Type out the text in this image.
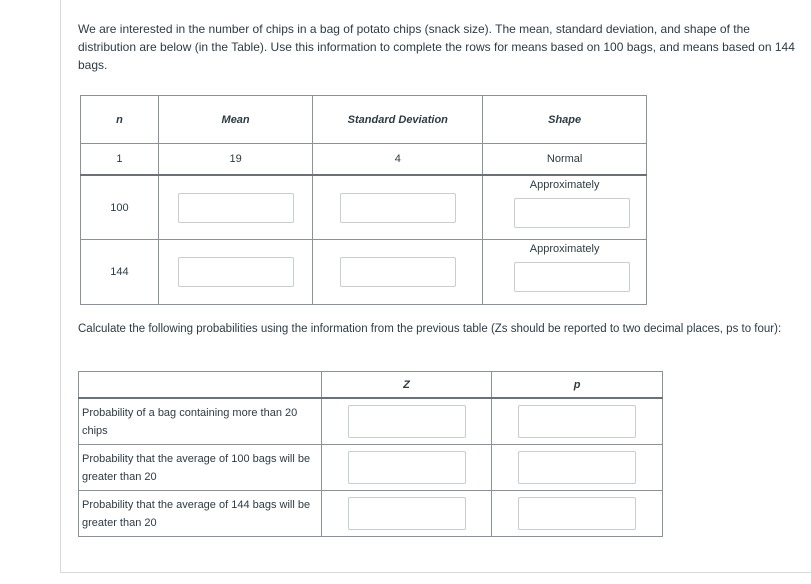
We are interested in the number of chips in a bag of potato chips (snack size). The mean, standard deviation, and shape of the distribution are below (in the Table). Use this information to complete the rows for means based on 100 bags, and means based on 144 bags.
n	Mean	Standard Deviation	Shape
1	19	4	Normal
100			Approximately

144			Approximately
Calculate the following probabilities using the information from the previous table (Zs should be reported to two decimal places, ps to four):
	Z	p
Probability of a bag containing more than 20 chips		
Probability that the average of 100 bags will be greater than 20		
Probability that the average of 144 bags will be greater than 20		
